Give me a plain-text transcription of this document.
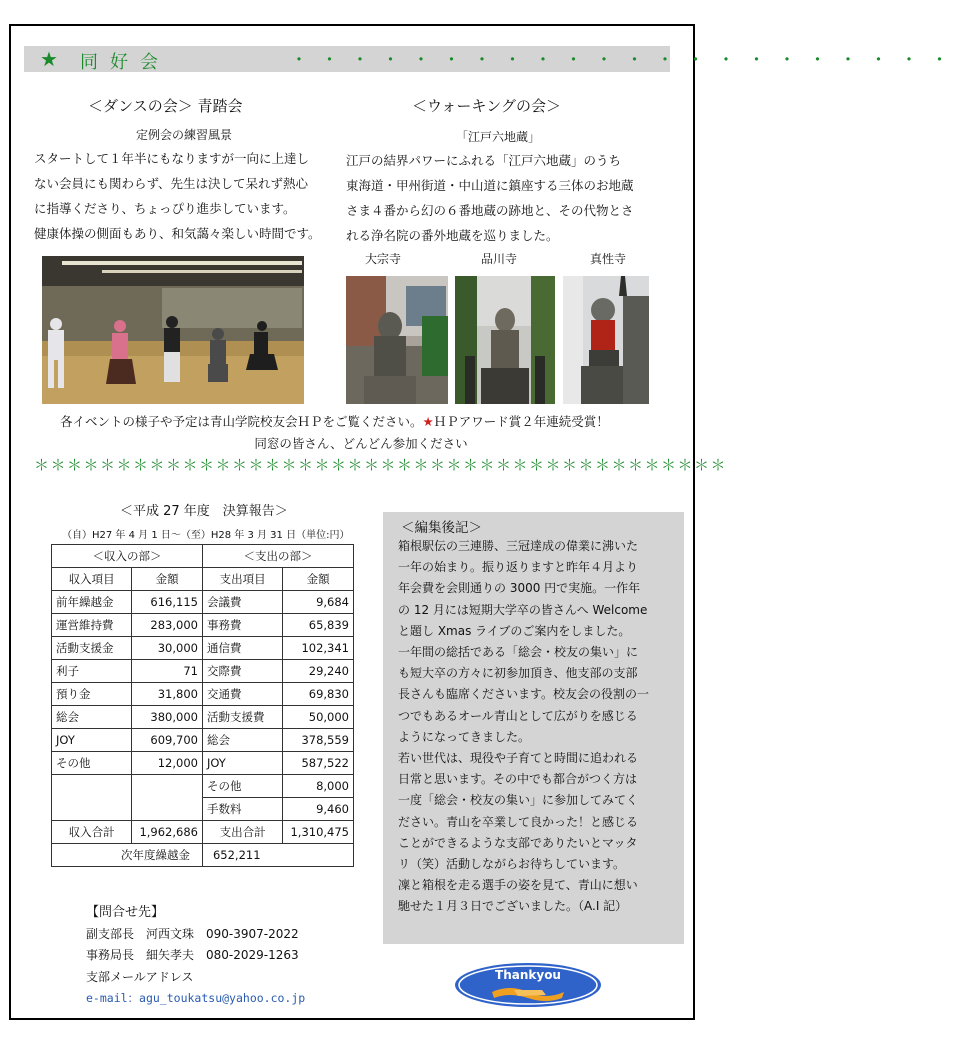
★ 同好会	・・・・・・・・・・・・・・・・・・・・・・
＜ダンスの会＞ 青踏会
定例会の練習風景
スタートして１年半にもなりますが一向に上達し
ない会員にも関わらず、先生は決して呆れず熱心
に指導くださり、ちょっぴり進歩しています。
健康体操の側面もあり、和気藹々楽しい時間です。
＜ウォーキングの会＞
「江戸六地蔵」
江戸の結界パワーにふれる「江戸六地蔵」のうち
東海道・甲州街道・中山道に鎮座する三体のお地蔵
さま４番から幻の６番地蔵の跡地と、その代物とさ
れる浄名院の番外地蔵を巡りました。
大宗寺	品川寺	真性寺
各イベントの様子や予定は青山学院校友会ＨＰをご覧ください。★ＨＰアワード賞２年連続受賞！
同窓の皆さん、どんどん参加ください
＊＊＊＊＊＊＊＊＊＊＊＊＊＊＊＊＊＊＊＊＊＊＊＊＊＊＊＊＊＊＊＊＊＊＊＊＊＊＊＊＊＊
＜平成 27 年度　決算報告＞
（自）H27 年 4 月 1 日～（至）H28 年 3 月 31 日（単位:円）
＜収入の部＞		＜支出の部＞	
収入項目	金額	支出項目	金額
前年繰越金	616,115	会議費	9,684
運営維持費	283,000	事務費	65,839
活動支援金	30,000	通信費	102,341
利子	71	交際費	29,240
預り金	31,800	交通費	69,830
総会	380,000	活動支援費	50,000
JOY	609,700	総会	378,559
その他	12,000	JOY	587,522
		その他	8,000
		手数料	9,460
収入合計	1,962,686	支出合計	1,310,475
次年度繰越金		652,211	
＜編集後記＞
箱根駅伝の三連勝、三冠達成の偉業に沸いた
一年の始まり。振り返りますと昨年４月より
年会費を会則通りの 3000 円で実施。一作年
の 12 月には短期大学卒の皆さんへ Welcome
と題し Xmas ライブのご案内をしました。
一年間の総括である「総会・校友の集い」に
も短大卒の方々に初参加頂き、他支部の支部
長さんも臨席くださいます。校友会の役割の一
つでもあるオール青山として広がりを感じる
ようになってきました。
若い世代は、現役や子育てと時間に追われる
日常と思います。その中でも都合がつく方は
一度「総会・校友の集い」に参加してみてく
ださい。青山を卒業して良かった！と感じる
ことができるような支部でありたいとマッタ
リ（笑）活動しながらお待ちしています。
凜と箱根を走る選手の姿を見て、青山に想い
馳せた１月３日でございました。（A.I 記）
【問合せ先】
副支部長　河西文珠　 090-3907-2022
事務局長　細矢孝夫　 080-2029-1263
支部メールアドレス
e-mail：agu_toukatsu@yahoo.co.jp
Thankyou
